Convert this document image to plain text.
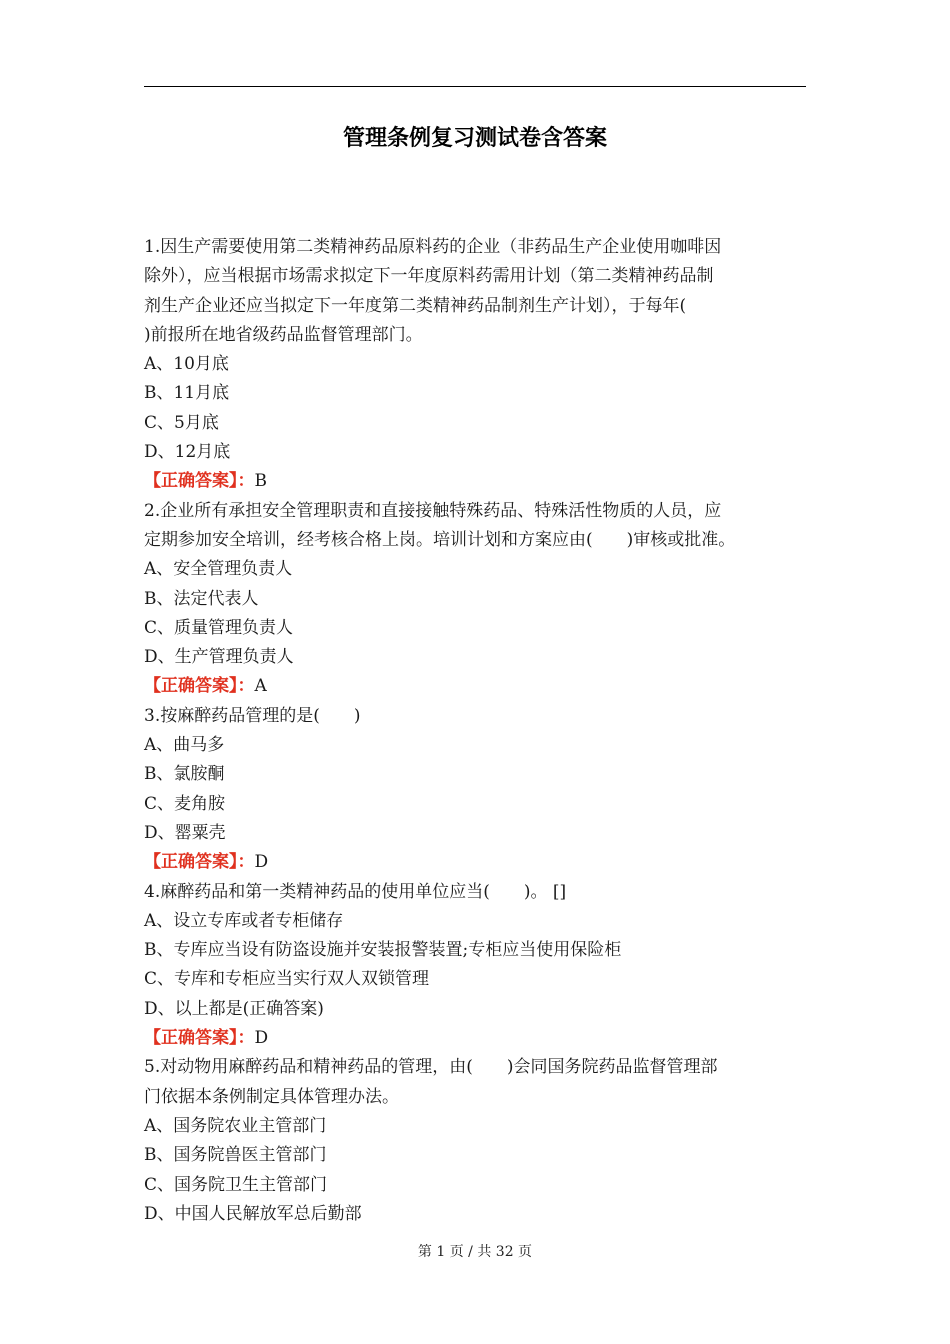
管理条例复习测试卷含答案
1.因生产需要使用第二类精神药品原料药的企业（非药品生产企业使用咖啡因
除外），应当根据市场需求拟定下一年度原料药需用计划（第二类精神药品制
剂生产企业还应当拟定下一年度第二类精神药品制剂生产计划），于每年(
)前报所在地省级药品监督管理部门。
A、10月底
B、11月底
C、5月底
D、12月底
【正确答案】：B
2.企业所有承担安全管理职责和直接接触特殊药品、特殊活性物质的人员，应
定期参加安全培训，经考核合格上岗。培训计划和方案应由(　　)审核或批准。
A、安全管理负责人
B、法定代表人
C、质量管理负责人
D、生产管理负责人
【正确答案】：A
3.按麻醉药品管理的是(　　)
A、曲马多
B、氯胺酮
C、麦角胺
D、罂粟壳
【正确答案】：D
4.麻醉药品和第一类精神药品的使用单位应当(　　)。 []
A、设立专库或者专柜储存
B、专库应当设有防盗设施并安装报警装置;专柜应当使用保险柜
C、专库和专柜应当实行双人双锁管理
D、以上都是(正确答案)
【正确答案】：D
5.对动物用麻醉药品和精神药品的管理，由(　　)会同国务院药品监督管理部
门依据本条例制定具体管理办法。
A、国务院农业主管部门
B、国务院兽医主管部门
C、国务院卫生主管部门
D、中国人民解放军总后勤部
第 1 页 / 共 32 页
